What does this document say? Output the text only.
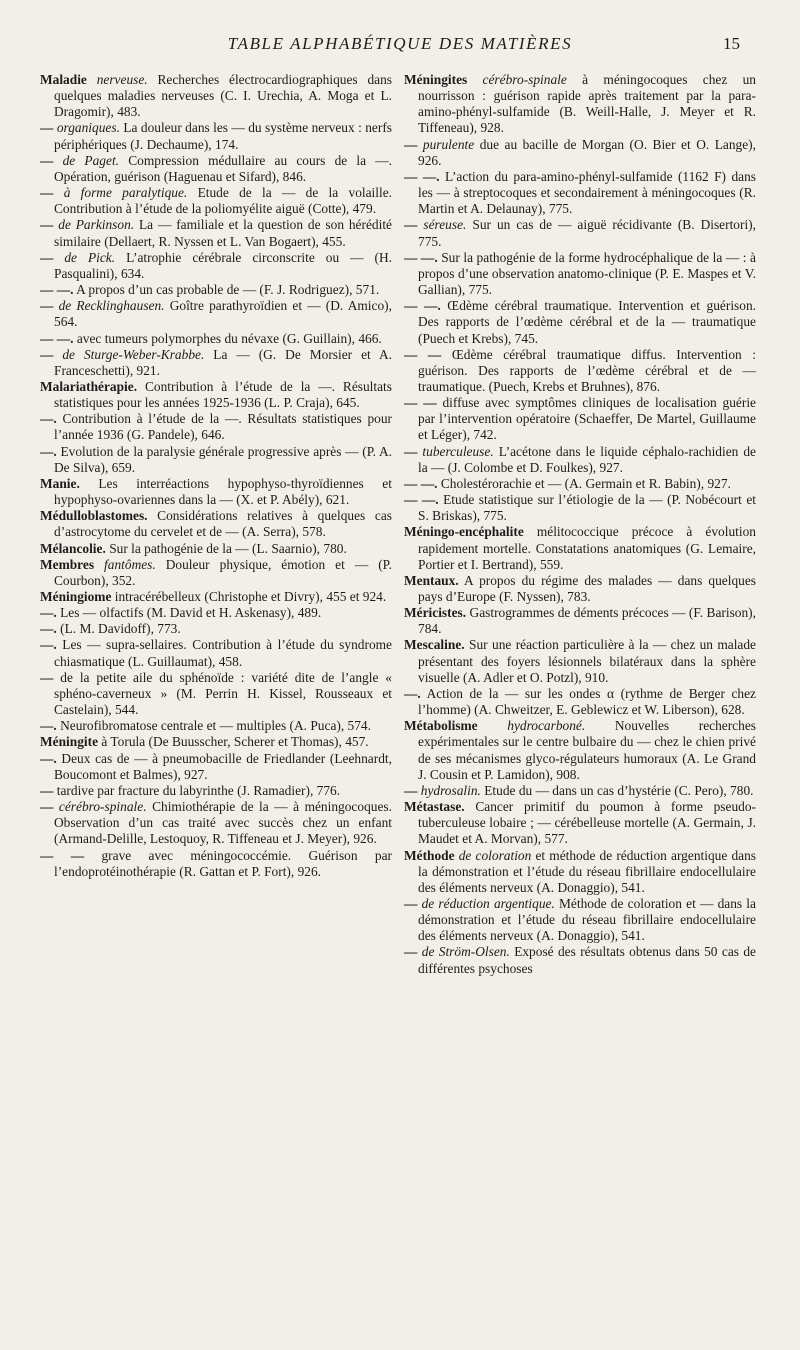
TABLE ALPHABÉTIQUE DES MATIÈRES	15

Maladie nerveuse. Recherches électrocardiographiques dans quelques maladies nerveuses (C. I. Urechia, A. Moga et L. Dragomir), 483.

— organiques. La douleur dans les — du système nerveux : nerfs périphériques (J. Dechaume), 174.

— de Paget. Compression médullaire au cours de la —. Opération, guérison (Haguenau et Sifard), 846.

— à forme paralytique. Etude de la — de la volaille. Contribution à l’étude de la poliomyélite aiguë (Cotte), 479.

— de Parkinson. La — familiale et la question de son hérédité similaire (Dellaert, R. Nyssen et L. Van Bogaert), 455.

— de Pick. L’atrophie cérébrale circonscrite ou — (H. Pasqualini), 634.

— —. A propos d’un cas probable de — (F. J. Rodriguez), 571.

— de Recklinghausen. Goître parathyroïdien et — (D. Amico), 564.

— —. avec tumeurs polymorphes du névaxe (G. Guillain), 466.

— de Sturge-Weber-Krabbe. La — (G. De Morsier et A. Franceschetti), 921.

Malariathérapie. Contribution à l’étude de la —. Résultats statistiques pour les années 1925-1936 (L. P. Craja), 645.

—. Contribution à l’étude de la —. Résultats statistiques pour l’année 1936 (G. Pandele), 646.

—. Evolution de la paralysie générale progressive après — (P. A. De Silva), 659.

Manie. Les interréactions hypophyso-thyroïdiennes et hypophyso-ovariennes dans la — (X. et P. Abély), 621.

Médulloblastomes. Considérations relatives à quelques cas d’astrocytome du cervelet et de — (A. Serra), 578.

Mélancolie. Sur la pathogénie de la — (L. Saarnio), 780.

Membres fantômes. Douleur physique, émotion et — (P. Courbon), 352.

Méningiome intracérébelleux (Christophe et Divry), 455 et 924.

—. Les — olfactifs (M. David et H. Askenasy), 489.

—. (L. M. Davidoff), 773.

—. Les — supra-sellaires. Contribution à l’étude du syndrome chiasmatique (L. Guillaumat), 458.

— de la petite aile du sphénoïde : variété dite de l’angle « sphéno-caverneux » (M. Perrin H. Kissel, Rousseaux et Castelain), 544.

—. Neurofibromatose centrale et — multiples (A. Puca), 574.

Méningite à Torula (De Buusscher, Scherer et Thomas), 457.

—. Deux cas de — à pneumobacille de Friedlander (Leehnardt, Boucomont et Balmes), 927.

— tardive par fracture du labyrinthe (J. Ramadier), 776.

— cérébro-spinale. Chimiothérapie de la — à méningocoques. Observation d’un cas traité avec succès chez un enfant (Armand-Delille, Lestoquoy, R. Tiffeneau et J. Meyer), 926.

— — grave avec méningococcémie. Guérison par l’endoprotéinothérapie (R. Gattan et P. Fort), 926.

Méningites cérébro-spinale à méningocoques chez un nourrisson : guérison rapide après traitement par la para-amino-phényl-sulfamide (B. Weill-Halle, J. Meyer et R. Tiffeneau), 928.

— purulente due au bacille de Morgan (O. Bier et O. Lange), 926.

— —. L’action du para-amino-phényl-sulfamide (1162 F) dans les — à streptocoques et secondairement à méningocoques (R. Martin et A. Delaunay), 775.

— séreuse. Sur un cas de — aiguë récidivante (B. Disertori), 775.

— —. Sur la pathogénie de la forme hydrocéphalique de la — : à propos d’une observation anatomo-clinique (P. E. Maspes et V. Gallian), 775.

— —. Œdème cérébral traumatique. Intervention et guérison. Des rapports de l’œdème cérébral et de la — traumatique (Puech et Krebs), 745.

— — Œdème cérébral traumatique diffus. Intervention : guérison. Des rapports de l’œdème cérébral et de — traumatique. (Puech, Krebs et Bruhnes), 876.

— — diffuse avec symptômes cliniques de localisation guérie par l’intervention opératoire (Schaeffer, De Martel, Guillaume et Léger), 742.

— tuberculeuse. L’acétone dans le liquide céphalo-rachidien de la — (J. Colombe et D. Foulkes), 927.

— —. Cholestérorachie et — (A. Germain et R. Babin), 927.

— —. Etude statistique sur l’étiologie de la — (P. Nobécourt et S. Briskas), 775.

Méningo-encéphalite mélitococcique précoce à évolution rapidement mortelle. Constatations anatomiques (G. Lemaire, Portier et I. Bertrand), 559.

Mentaux. A propos du régime des malades — dans quelques pays d’Europe (F. Nyssen), 783.

Méricistes. Gastrogrammes de déments précoces — (F. Barison), 784.

Mescaline. Sur une réaction particulière à la — chez un malade présentant des foyers lésionnels bilatéraux dans la sphère visuelle (A. Adler et O. Potzl), 910.

—. Action de la — sur les ondes α (rythme de Berger chez l’homme) (A. Chweitzer, E. Geblewicz et W. Liberson), 628.

Métabolisme hydrocarboné. Nouvelles recherches expérimentales sur le centre bulbaire du — chez le chien privé de ses mécanismes glyco-régulateurs humoraux (A. Le Grand J. Cousin et P. Lamidon), 908.

— hydrosalin. Etude du — dans un cas d’hystérie (C. Pero), 780.

Métastase. Cancer primitif du poumon à forme pseudo-tuberculeuse lobaire ; — cérébelleuse mortelle (A. Germain, J. Maudet et A. Morvan), 577.

Méthode de coloration et méthode de réduction argentique dans la démonstration et l’étude du réseau fibrillaire endocellulaire des éléments nerveux (A. Donaggio), 541.

— de réduction argentique. Méthode de coloration et — dans la démonstration et l’étude du réseau fibrillaire endocellulaire des éléments nerveux (A. Donaggio), 541.

— de Ström-Olsen. Exposé des résultats obtenus dans 50 cas de différentes psychoses
